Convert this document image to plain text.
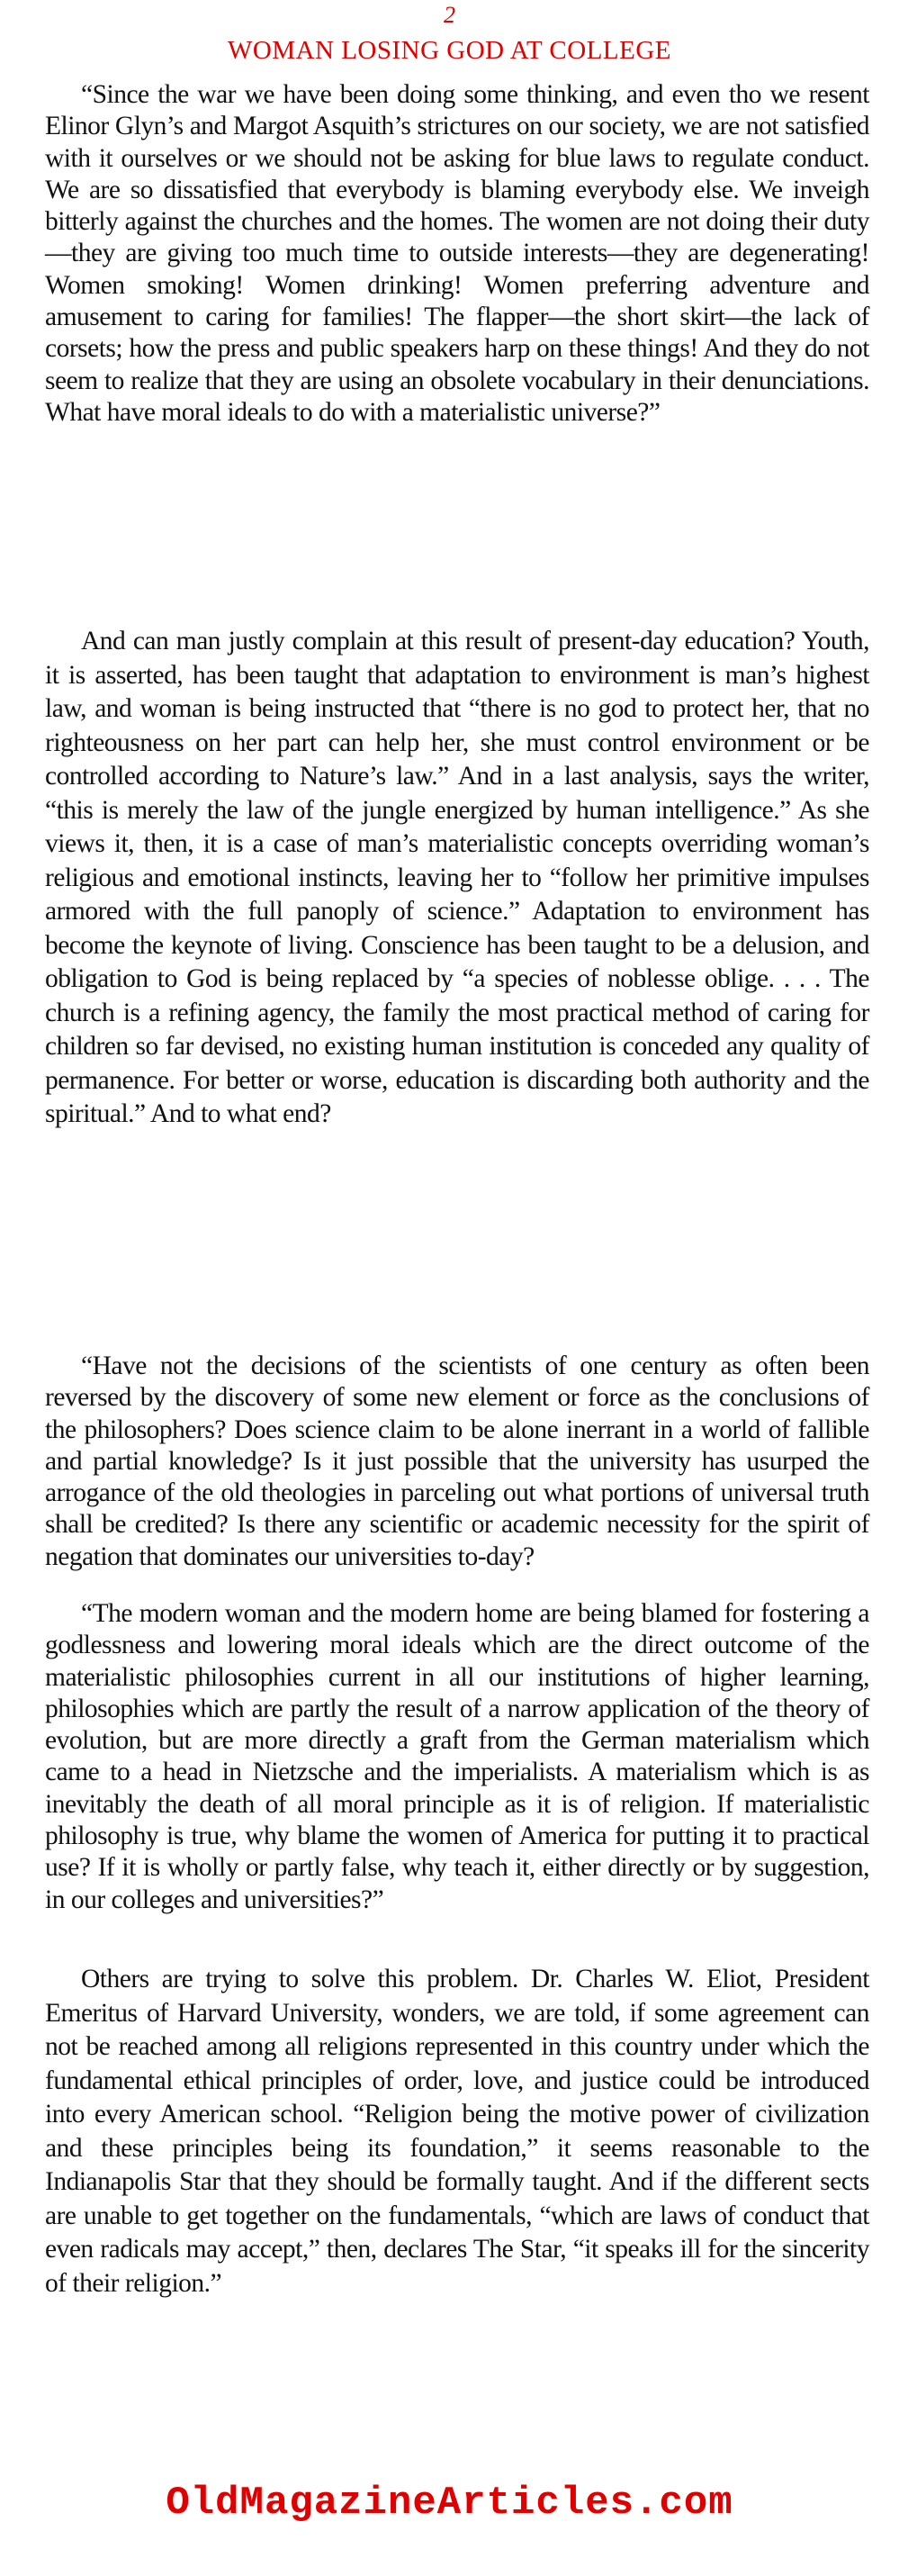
2
WOMAN LOSING GOD AT COLLEGE

“Since the war we have been doing some thinking, and even tho we resent Elinor Glyn’s and Margot Asquith’s strictures on our society, we are not satisfied with it ourselves or we should not be asking for blue laws to regulate conduct. We are so dissatisfied that everybody is blaming everybody else. We inveigh bitterly against the churches and the homes. The women are not doing their duty—they are giving too much time to outside interests—they are degenerating! Women smoking! Women drinking! Women preferring adventure and amusement to caring for families! The flapper—the short skirt—the lack of corsets; how the press and public speakers harp on these things! And they do not seem to realize that they are using an obsolete vocabulary in their denunciations. What have moral ideals to do with a materialistic universe?”

And can man justly complain at this result of present-day education? Youth, it is asserted, has been taught that adaptation to environment is man’s highest law, and woman is being instructed that “there is no god to protect her, that no righteousness on her part can help her, she must control environment or be controlled according to Nature’s law.” And in a last analysis, says the writer, “this is merely the law of the jungle energized by human intelligence.” As she views it, then, it is a case of man’s materialistic concepts overriding woman’s religious and emotional instincts, leaving her to “follow her primitive impulses armored with the full panoply of science.” Adaptation to environment has become the keynote of living. Conscience has been taught to be a delusion, and obligation to God is being replaced by “a species of noblesse oblige. . . . The church is a refining agency, the family the most practical method of caring for children so far devised, no existing human institution is conceded any quality of permanence. For better or worse, education is discarding both authority and the spiritual.” And to what end?

“Have not the decisions of the scientists of one century as often been reversed by the discovery of some new element or force as the conclusions of the philosophers? Does science claim to be alone inerrant in a world of fallible and partial knowledge? Is it just possible that the university has usurped the arrogance of the old theologies in parceling out what portions of universal truth shall be credited? Is there any scientific or academic necessity for the spirit of negation that dominates our universities to-day?

“The modern woman and the modern home are being blamed for fostering a godlessness and lowering moral ideals which are the direct outcome of the materialistic philosophies current in all our institutions of higher learning, philosophies which are partly the result of a narrow application of the theory of evolution, but are more directly a graft from the German materialism which came to a head in Nietzsche and the imperialists. A materialism which is as inevitably the death of all moral principle as it is of religion. If materialistic philosophy is true, why blame the women of America for putting it to practical use? If it is wholly or partly false, why teach it, either directly or by suggestion, in our colleges and universities?”

Others are trying to solve this problem. Dr. Charles W. Eliot, President Emeritus of Harvard University, wonders, we are told, if some agreement can not be reached among all religions represented in this country under which the fundamental ethical principles of order, love, and justice could be introduced into every American school. “Religion being the motive power of civilization and these principles being its foundation,” it seems reasonable to the Indianapolis Star that they should be formally taught. And if the different sects are unable to get together on the fundamentals, “which are laws of conduct that even radicals may accept,” then, declares The Star, “it speaks ill for the sincerity of their religion.”

OldMagazineArticles.com
